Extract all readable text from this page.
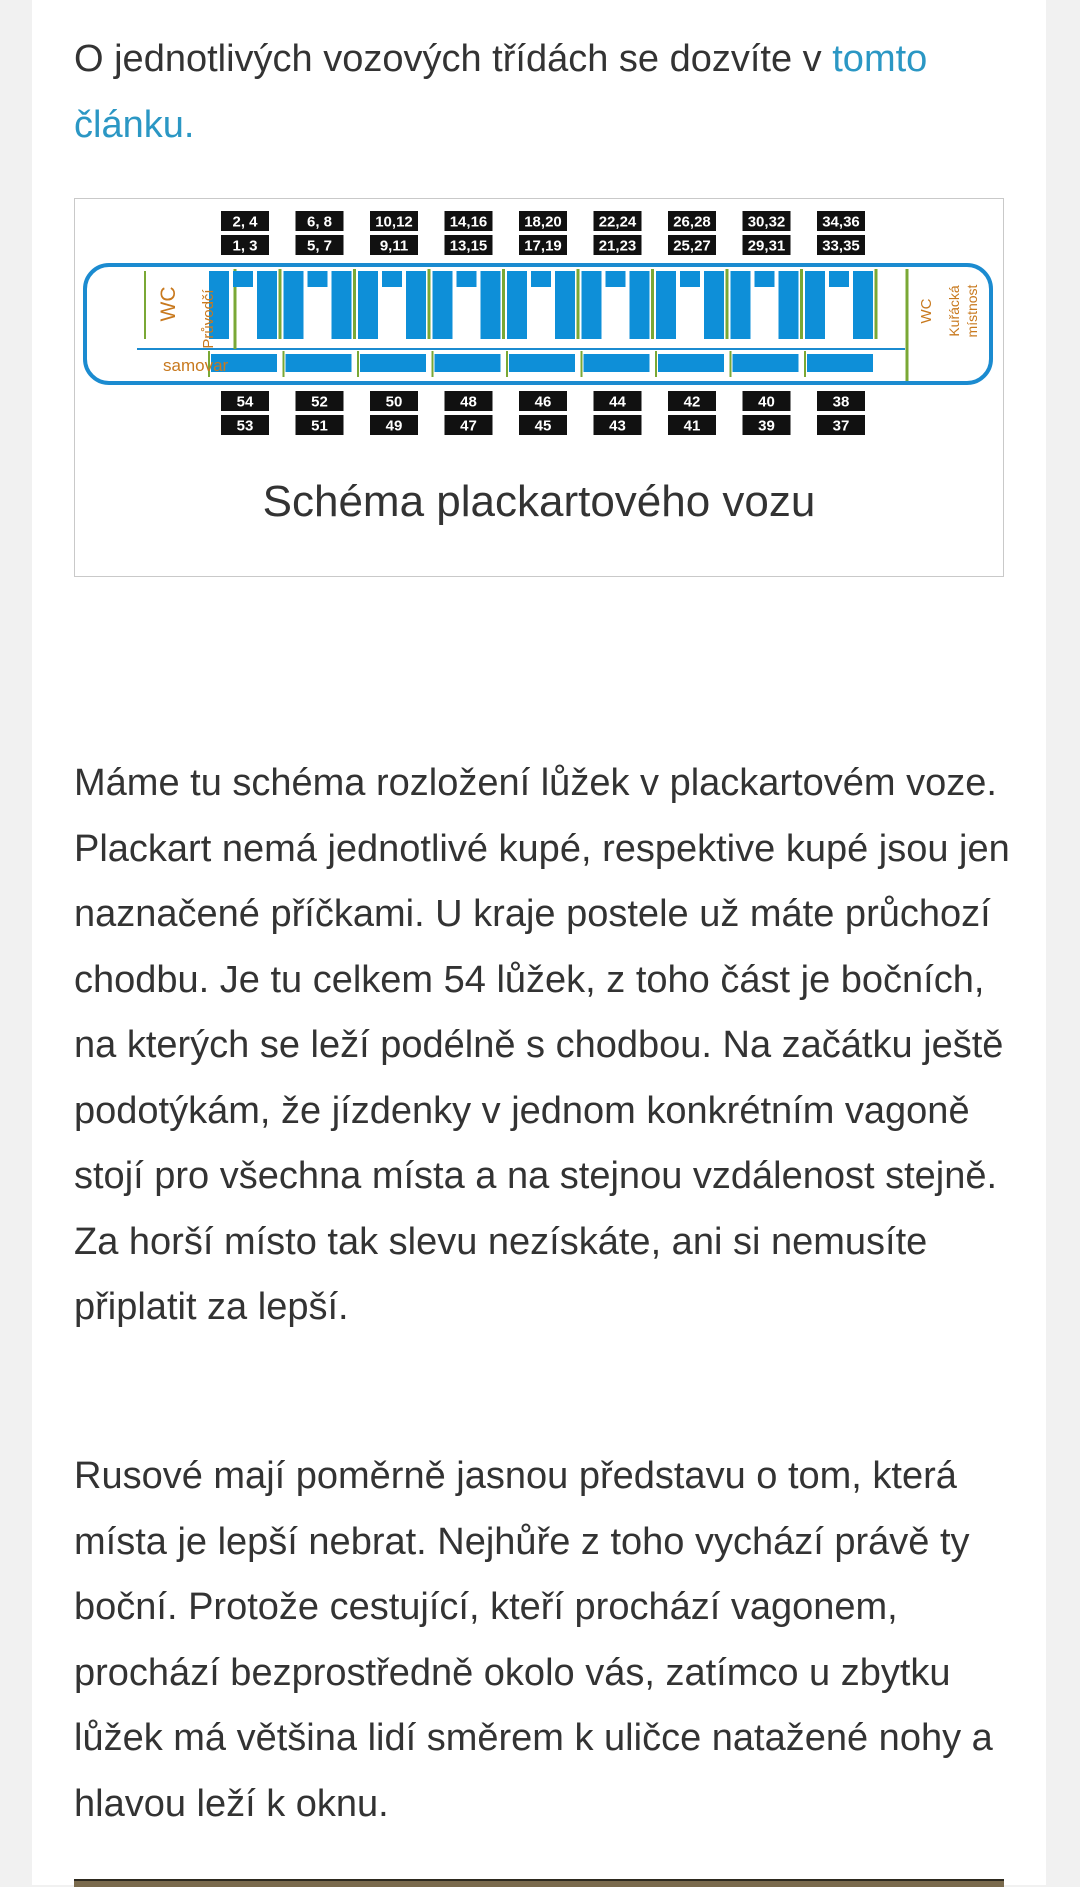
O jednotlivých vozových třídách se dozvíte v tomto článku.

2, 4
1, 3
6, 8
5, 7
10,12
9,11
14,16
13,15
18,20
17,19
22,24
21,23
26,28
25,27
30,32
29,31
34,36
33,35
54
53
52
51
50
49
48
47
46
45
44
43
42
41
40
39
38
37
WC Průvodčí
samovar
WC Kuřácká místnost
Schéma plackartového vozu

Máme tu schéma rozložení lůžek v plackartovém voze. Plackart nemá jednotlivé kupé, respektive kupé jsou jen naznačené příčkami. U kraje postele už máte průchozí chodbu. Je tu celkem 54 lůžek, z toho část je bočních, na kterých se leží podélně s chodbou. Na začátku ještě podotýkám, že jízdenky v jednom konkrétním vagoně stojí pro všechna místa a na stejnou vzdálenost stejně. Za horší místo tak slevu nezískáte, ani si nemusíte připlatit za lepší.

Rusové mají poměrně jasnou představu o tom, která místa je lepší nebrat. Nejhůře z toho vychází právě ty boční. Protože cestující, kteří prochází vagonem, prochází bezprostředně okolo vás, zatímco u zbytku lůžek má většina lidí směrem k uličce natažené nohy a hlavou leží k oknu.
